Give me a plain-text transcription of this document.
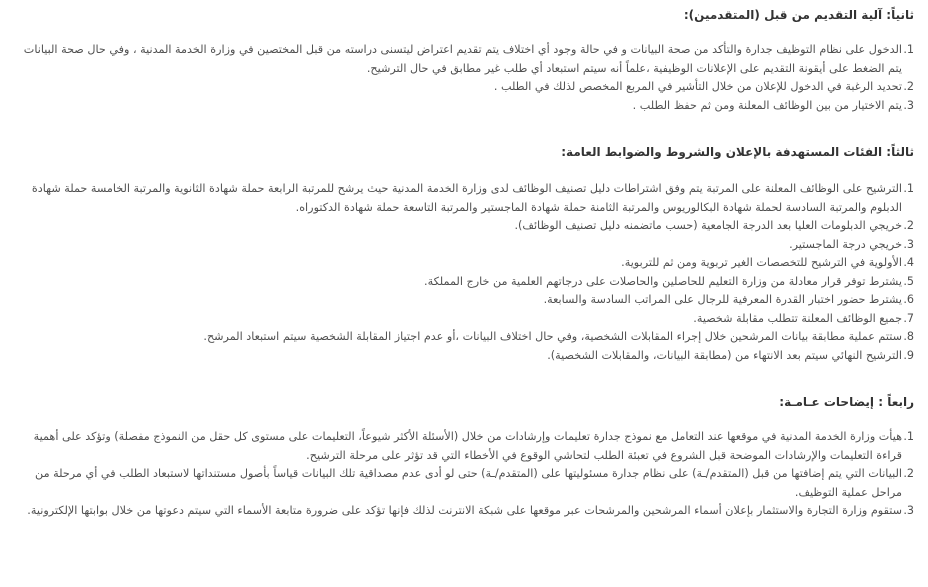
ثانياً: آلية التقديم من قبل (المتقدمين):

1.
الدخول على نظام التوظيف جدارة والتأكد من صحة البيانات و في حالة وجود أي اختلاف يتم تقديم اعتراض ليتسنى دراسته من قبل المختصين في وزارة الخدمة المدنية ، وفي حال صحة البيانات يتم الضغط على أيقونة التقديم على الإعلانات الوظيفية ،علماً أنه سيتم استبعاد أي طلب غير مطابق في حال الترشيح.
2.
تحديد الرغبة في الدخول للإعلان من خلال التأشير في المربع المخصص لذلك في الطلب .
3.
يتم الاختيار من بين الوظائف المعلنة ومن ثم حفظ الطلب .

ثالثاً: الفئات المستهدفة بالإعلان والشروط والضوابط العامة:

1.
الترشيح على الوظائف المعلنة على المرتبة يتم وفق اشتراطات دليل تصنيف الوظائف لدى وزارة الخدمة المدنية حيث يرشح للمرتبة الرابعة حملة شهادة الثانوية والمرتبة الخامسة حملة شهادة الدبلوم والمرتبة السادسة لحملة شهادة البكالوريوس والمرتبة الثامنة حملة شهادة الماجستير والمرتبة التاسعة حملة شهادة الدكتوراه.
2.
خريجي الدبلومات العليا بعد الدرجة الجامعية (حسب ماتضمنه دليل تصنيف الوظائف).
3.
خريجي درجة الماجستير.
4.
الأولوية في الترشيح للتخصصات الغير تربوية ومن ثم للتربوية.
5.
يشترط توفر قرار معادلة من وزارة التعليم للحاصلين والحاصلات على درجاتهم العلمية من خارج المملكة.
6.
يشترط حضور اختبار القدرة المعرفية للرجال على المراتب السادسة والسابعة.
7.
جميع الوظائف المعلنة تتطلب مقابلة شخصية.
8.
ستتم عملية مطابقة بيانات المرشحين خلال إجراء المقابلات الشخصية، وفي حال اختلاف البيانات ،أو عدم اجتياز المقابلة الشخصية سيتم استبعاد المرشح.
9.
الترشيح النهائي سيتم بعد الانتهاء من (مطابقة البيانات، والمقابلات الشخصية).

رابعاً : إيضاحات عـامـة:

1.
هيأت وزارة الخدمة المدنية في موقعها عند التعامل مع نموذج جدارة تعليمات وإرشادات من خلال (الأسئلة الأكثر شيوعاً، التعليمات على مستوى كل حقل من النموذج مفصلة) وتؤكد على أهمية قراءة التعليمات والإرشادات الموضحة قبل الشروع في تعبئة الطلب لتحاشي الوقوع في الأخطاء التي قد تؤثر على مرحلة الترشيح.
2.
البيانات التي يتم إضافتها من قبل (المتقدم/ـة) على نظام جدارة مسئوليتها على (المتقدم/ـة) حتى لو أدى عدم مصداقية تلك البيانات قياساً بأصول مستنداتها لاستبعاد الطلب في أي مرحلة من مراحل عملية التوظيف.
3.
ستقوم وزارة التجارة والاستثمار بإعلان أسماء المرشحين والمرشحات عبر موقعها على شبكة الانترنت لذلك فإنها تؤكد على ضرورة متابعة الأسماء التي سيتم دعوتها من خلال بوابتها الإلكترونية.
